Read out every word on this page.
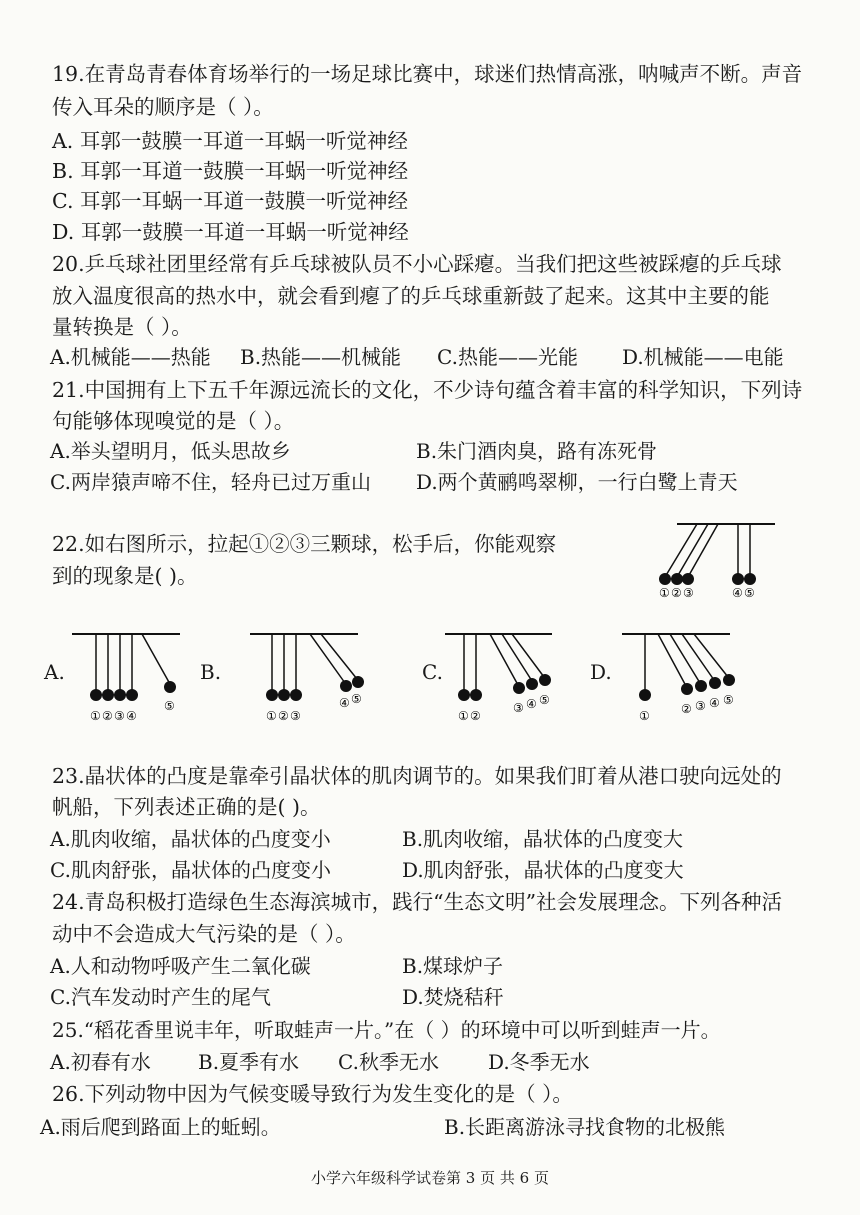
19.在青岛青春体育场举行的一场足球比赛中，球迷们热情高涨，呐喊声不断。声音
传入耳朵的顺序是（ ）。
A. 耳郭一鼓膜一耳道一耳蜗一听觉神经
B. 耳郭一耳道一鼓膜一耳蜗一听觉神经
C. 耳郭一耳蜗一耳道一鼓膜一听觉神经
D. 耳郭一鼓膜一耳道一耳蜗一听觉神经
20.乒乓球社团里经常有乒乓球被队员不小心踩瘪。当我们把这些被踩瘪的乒乓球
放入温度很高的热水中，就会看到瘪了的乒乓球重新鼓了起来。这其中主要的能
量转换是（ ）。
A.机械能——热能 B.热能——机械能 C.热能——光能 D.机械能——电能
21.中国拥有上下五千年源远流长的文化，不少诗句蕴含着丰富的科学知识，下列诗
句能够体现嗅觉的是（ ）。
A.举头望明月，低头思故乡	B.朱门酒肉臭，路有冻死骨
C.两岸猿声啼不住，轻舟已过万重山 D.两个黄鹂鸣翠柳，一行白鹭上青天
22.如右图所示，拉起①②③三颗球，松手后，你能观察
到的现象是( )。
① ② ③	④ ⑤
A.
① ② ③ ④
⑤
B.
① ② ③
④ ⑤
C.
① ②
③ ④ ⑤
D.
①	② ③ ④ ⑤
23.晶状体的凸度是靠牵引晶状体的肌肉调节的。如果我们盯着从港口驶向远处的
帆船，下列表述正确的是( )。
A.肌肉收缩，晶状体的凸度变小	B.肌肉收缩，晶状体的凸度变大
C.肌肉舒张，晶状体的凸度变小	D.肌肉舒张，晶状体的凸度变大
24.青岛积极打造绿色生态海滨城市，践行“生态文明”社会发展理念。下列各种活
动中不会造成大气污染的是（ ）。
A.人和动物呼吸产生二氧化碳	B.煤球炉子
C.汽车发动时产生的尾气	D.焚烧秸秆
25.“稻花香里说丰年，听取蛙声一片。”在（ ）的环境中可以听到蛙声一片。
A.初春有水 B.夏季有水 C.秋季无水 D.冬季无水
26.下列动物中因为气候变暖导致行为发生变化的是（ ）。
A.雨后爬到路面上的蚯蚓。	B.长距离游泳寻找食物的北极熊
小学六年级科学试卷第 3 页 共 6 页
